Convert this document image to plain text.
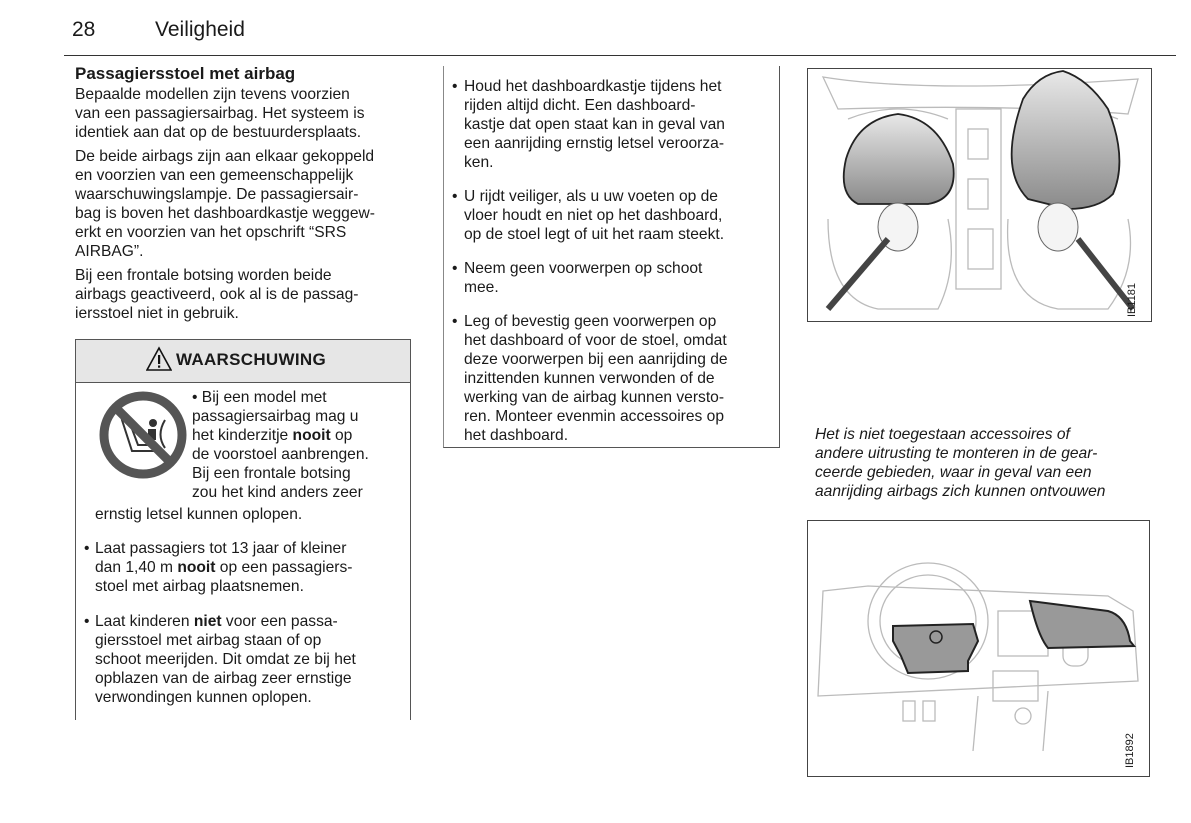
28	Veiligheid
Passagiersstoel met airbag
Bepaalde modellen zijn tevens voorzien
van een passagiersairbag. Het systeem is
identiek aan dat op de bestuurdersplaats.
De beide airbags zijn aan elkaar gekoppeld
en voorzien van een gemeenschappelijk
waarschuwingslampje. De passagiersair-
bag is boven het dashboardkastje weggew-
erkt en voorzien van het opschrift “SRS
AIRBAG”.
Bij een frontale botsing worden beide
airbags geactiveerd, ook al is de passag-
iersstoel niet in gebruik.
WAARSCHUWING
• Bij een model met
passagiersairbag mag u
het kinderzitje nooit op
de voorstoel aanbrengen.
Bij een frontale botsing
zou het kind anders zeer
ernstig letsel kunnen oplopen.
• Laat passagiers tot 13 jaar of kleiner
dan 1,40 m nooit op een passagiers-
stoel met airbag plaatsnemen.
• Laat kinderen niet voor een passa-
giersstoel met airbag staan of op
schoot meerijden. Dit omdat ze bij het
opblazen van de airbag zeer ernstige
verwondingen kunnen oplopen.
• Houd het dashboardkastje tijdens het
rijden altijd dicht. Een dashboard-
kastje dat open staat kan in geval van
een aanrijding ernstig letsel veroorza-
ken.
• U rijdt veiliger, als u uw voeten op de
vloer houdt en niet op het dashboard,
op de stoel legt of uit het raam steekt.
• Neem geen voorwerpen op schoot
mee.
• Leg of bevestig geen voorwerpen op
het dashboard of voor de stoel, omdat
deze voorwerpen bij een aanrijding de
inzittenden kunnen verwonden of de
werking van de airbag kunnen versto-
ren. Monteer evenmin accessoires op
het dashboard.
IB1181
Het is niet toegestaan accessoires of
andere uitrusting te monteren in de gear-
ceerde gebieden, waar in geval van een
aanrijding airbags zich kunnen ontvouwen
IB1892
